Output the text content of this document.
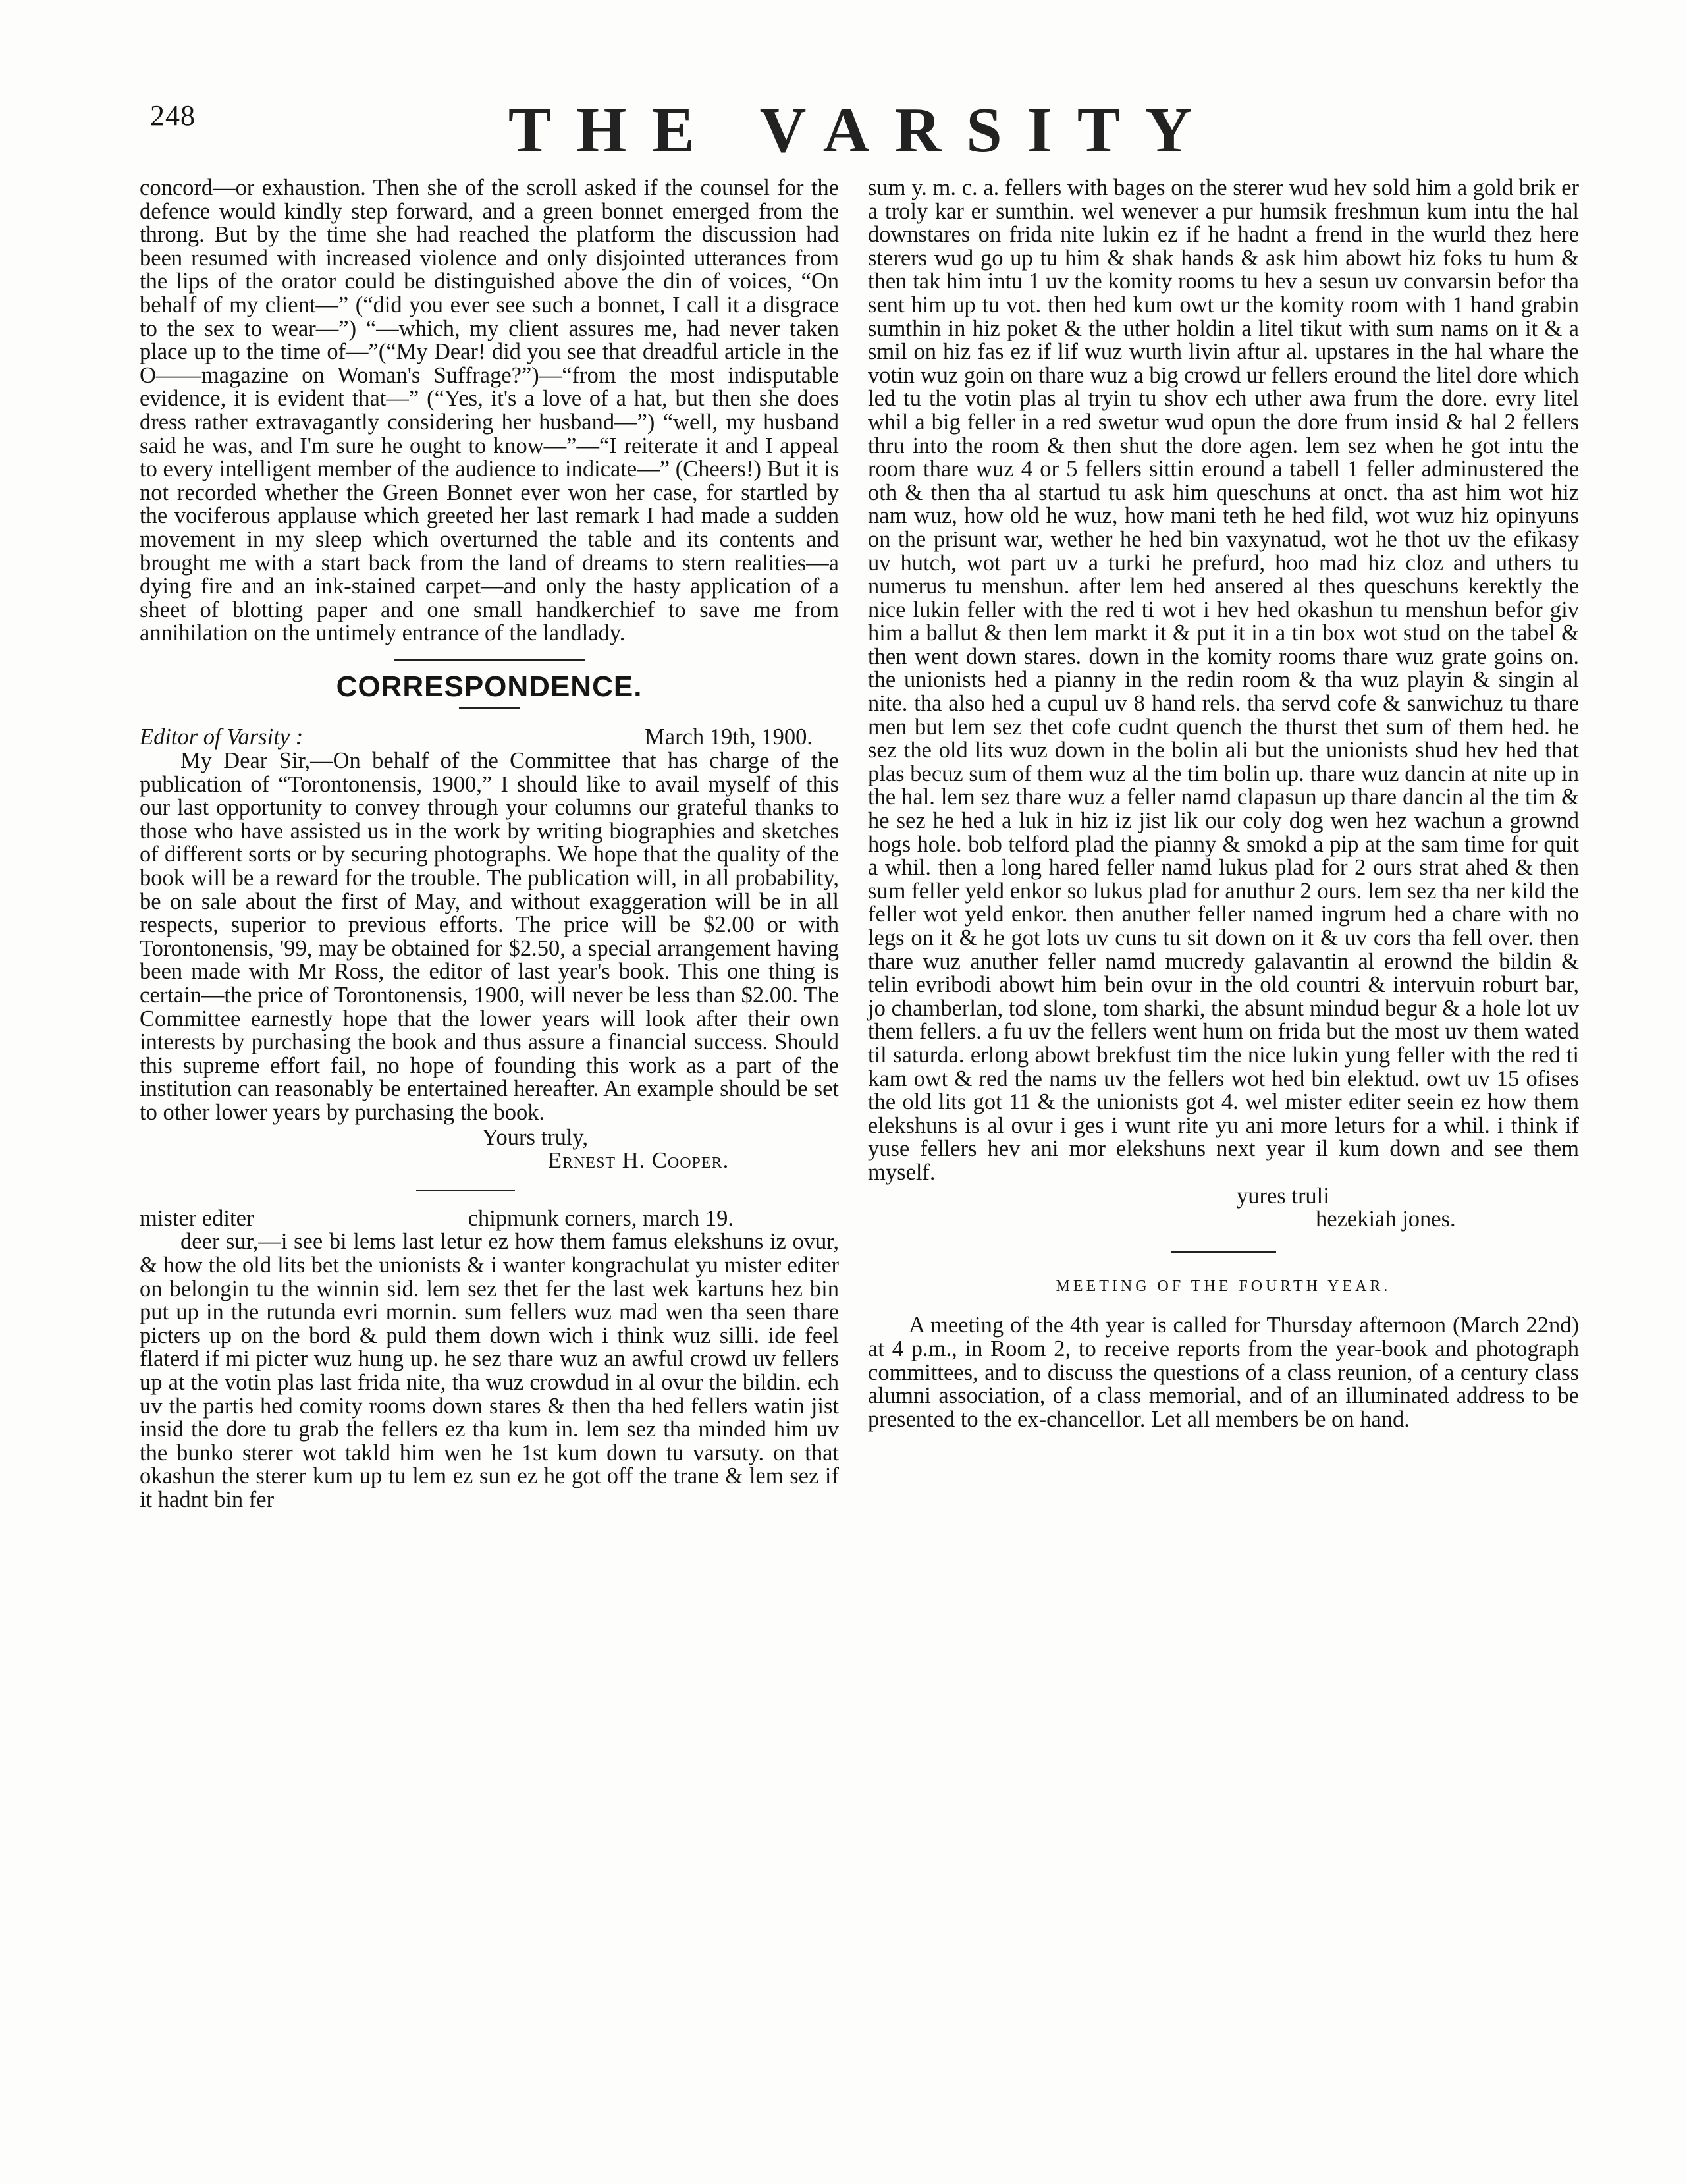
248	THE VARSITY

concord—or exhaustion. Then she of the scroll asked if the counsel for the defence would kindly step forward, and a green bonnet emerged from the throng. But by the time she had reached the platform the discussion had been resumed with increased violence and only disjointed utterances from the lips of the orator could be distinguished above the din of voices, “On behalf of my client—” (“did you ever see such a bonnet, I call it a disgrace to the sex to wear—”) “—which, my client assures me, had never taken place up to the time of—”(“My Dear! did you see that dreadful article in the O——magazine on Woman's Suffrage?”)—“from the most indisputable evidence, it is evident that—” (“Yes, it's a love of a hat, but then she does dress rather extravagantly considering her husband—”) “well, my husband said he was, and I'm sure he ought to know—”—“I reiterate it and I appeal to every intelligent member of the audience to indicate—” (Cheers!) But it is not recorded whether the Green Bonnet ever won her case, for startled by the vociferous applause which greeted her last remark I had made a sudden movement in my sleep which overturned the table and its contents and brought me with a start back from the land of dreams to stern realities—a dying fire and an ink-stained carpet—and only the hasty application of a sheet of blotting paper and one small handkerchief to save me from annihilation on the untimely entrance of the landlady.

CORRESPONDENCE.
Editor of Varsity :	March 19th, 1900.

My Dear Sir,—On behalf of the Committee that has charge of the publication of “Torontonensis, 1900,” I should like to avail myself of this our last opportunity to convey through your columns our grateful thanks to those who have assisted us in the work by writing biographies and sketches of different sorts or by securing photographs. We hope that the quality of the book will be a reward for the trouble. The publication will, in all probability, be on sale about the first of May, and without exaggeration will be in all respects, superior to previous efforts. The price will be $2.00 or with Torontonensis, '99, may be obtained for $2.50, a special arrangement having been made with Mr Ross, the editor of last year's book. This one thing is certain—the price of Torontonensis, 1900, will never be less than $2.00. The Committee earnestly hope that the lower years will look after their own interests by purchasing the book and thus assure a financial success. Should this supreme effort fail, no hope of founding this work as a part of the institution can reasonably be entertained hereafter. An example should be set to other lower years by purchasing the book.

Yours truly,
Ernest H. Cooper.
mister editer	chipmunk corners, march 19.

deer sur,—i see bi lems last letur ez how them famus elekshuns iz ovur, & how the old lits bet the unionists & i wanter kongrachulat yu mister editer on belongin tu the winnin sid. lem sez thet fer the last wek kartuns hez bin put up in the rutunda evri mornin. sum fellers wuz mad wen tha seen thare picters up on the bord & puld them down wich i think wuz silli. ide feel flaterd if mi picter wuz hung up. he sez thare wuz an awful crowd uv fellers up at the votin plas last frida nite, tha wuz crowdud in al ovur the bildin. ech uv the partis hed comity rooms down stares & then tha hed fellers watin jist insid the dore tu grab the fellers ez tha kum in. lem sez tha minded him uv the bunko sterer wot takld him wen he 1st kum down tu varsuty. on that okashun the sterer kum up tu lem ez sun ez he got off the trane & lem sez if it hadnt bin fer

sum y. m. c. a. fellers with bages on the sterer wud hev sold him a gold brik er a troly kar er sumthin. wel wenever a pur humsik freshmun kum intu the hal downstares on frida nite lukin ez if he hadnt a frend in the wurld thez here sterers wud go up tu him & shak hands & ask him abowt hiz foks tu hum & then tak him intu 1 uv the komity rooms tu hev a sesun uv convarsin befor tha sent him up tu vot. then hed kum owt ur the komity room with 1 hand grabin sumthin in hiz poket & the uther holdin a litel tikut with sum nams on it & a smil on hiz fas ez if lif wuz wurth livin aftur al. upstares in the hal whare the votin wuz goin on thare wuz a big crowd ur fellers eround the litel dore which led tu the votin plas al tryin tu shov ech uther awa frum the dore. evry litel whil a big feller in a red swetur wud opun the dore frum insid & hal 2 fellers thru into the room & then shut the dore agen. lem sez when he got intu the room thare wuz 4 or 5 fellers sittin eround a tabell 1 feller adminustered the oth & then tha al startud tu ask him queschuns at onct. tha ast him wot hiz nam wuz, how old he wuz, how mani teth he hed fild, wot wuz hiz opinyuns on the prisunt war, wether he hed bin vaxynatud, wot he thot uv the efikasy uv hutch, wot part uv a turki he prefurd, hoo mad hiz cloz and uthers tu numerus tu menshun. after lem hed ansered al thes queschuns kerektly the nice lukin feller with the red ti wot i hev hed okashun tu menshun befor giv him a ballut & then lem markt it & put it in a tin box wot stud on the tabel & then went down stares. down in the komity rooms thare wuz grate goins on. the unionists hed a pianny in the redin room & tha wuz playin & singin al nite. tha also hed a cupul uv 8 hand rels. tha servd cofe & sanwichuz tu thare men but lem sez thet cofe cudnt quench the thurst thet sum of them hed. he sez the old lits wuz down in the bolin ali but the unionists shud hev hed that plas becuz sum of them wuz al the tim bolin up. thare wuz dancin at nite up in the hal. lem sez thare wuz a feller namd clapasun up thare dancin al the tim & he sez he hed a luk in hiz iz jist lik our coly dog wen hez wachun a grownd hogs hole. bob telford plad the pianny & smokd a pip at the sam time for quit a whil. then a long hared feller namd lukus plad for 2 ours strat ahed & then sum feller yeld enkor so lukus plad for anuthur 2 ours. lem sez tha ner kild the feller wot yeld enkor. then anuther feller named ingrum hed a chare with no legs on it & he got lots uv cuns tu sit down on it & uv cors tha fell over. then thare wuz anuther feller namd mucredy galavantin al erownd the bildin & telin evribodi abowt him bein ovur in the old countri & intervuin roburt bar, jo chamberlan, tod slone, tom sharki, the absunt mindud begur & a hole lot uv them fellers. a fu uv the fellers went hum on frida but the most uv them wated til saturda. erlong abowt brekfust tim the nice lukin yung feller with the red ti kam owt & red the nams uv the fellers wot hed bin elektud. owt uv 15 ofises the old lits got 11 & the unionists got 4. wel mister editer seein ez how them elekshuns is al ovur i ges i wunt rite yu ani more leturs for a whil. i think if yuse fellers hev ani mor elekshuns next year il kum down and see them myself.

yures truli
hezekiah jones.
MEETING OF THE FOURTH YEAR.

A meeting of the 4th year is called for Thursday afternoon (March 22nd) at 4 p.m., in Room 2, to receive reports from the year-book and photograph committees, and to discuss the questions of a class reunion, of a century class alumni association, of a class memorial, and of an illuminated address to be presented to the ex-chancellor. Let all members be on hand.
